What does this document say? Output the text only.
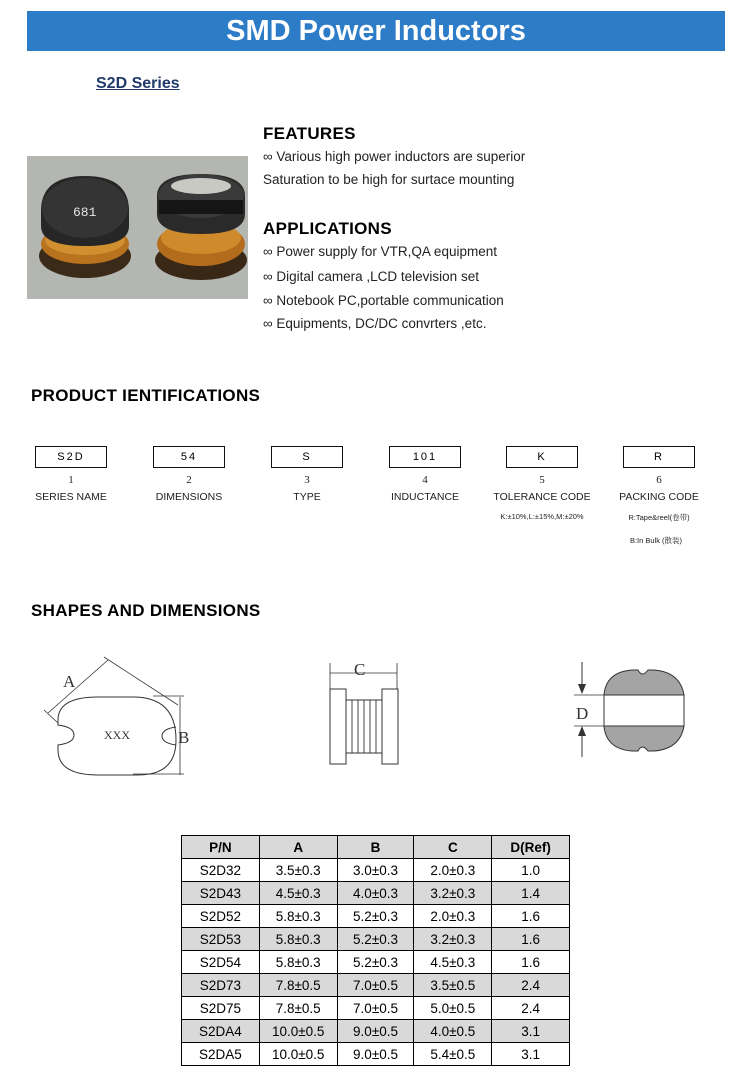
SMD Power Inductors
S2D Series
681
FEATURES
∞ Various high power inductors are superior
Saturation to be high for surtace mounting
APPLICATIONS
∞ Power supply for VTR,QA equipment
∞ Digital camera ,LCD television set
∞ Notebook PC,portable communication
∞ Equipments, DC/DC convrters ,etc.
PRODUCT IENTIFICATIONS
S2D
1
SERIES NAME
54
2
DIMENSIONS
S
3
TYPE
101
4
INDUCTANCE
K
5
TOLERANCE CODE
K:±10%,L:±15%,M:±20%
R
6
PACKING CODE
R:Tape&reel(卷带)
B:In Bulk (散装)
SHAPES AND DIMENSIONS
XXX
A
B
C
D
P/N	A	B	C	D(Ref)
S2D32	3.5±0.3	3.0±0.3	2.0±0.3	1.0
S2D43	4.5±0.3	4.0±0.3	3.2±0.3	1.4
S2D52	5.8±0.3	5.2±0.3	2.0±0.3	1.6
S2D53	5.8±0.3	5.2±0.3	3.2±0.3	1.6
S2D54	5.8±0.3	5.2±0.3	4.5±0.3	1.6
S2D73	7.8±0.5	7.0±0.5	3.5±0.5	2.4
S2D75	7.8±0.5	7.0±0.5	5.0±0.5	2.4
S2DA4	10.0±0.5	9.0±0.5	4.0±0.5	3.1
S2DA5	10.0±0.5	9.0±0.5	5.4±0.5	3.1
